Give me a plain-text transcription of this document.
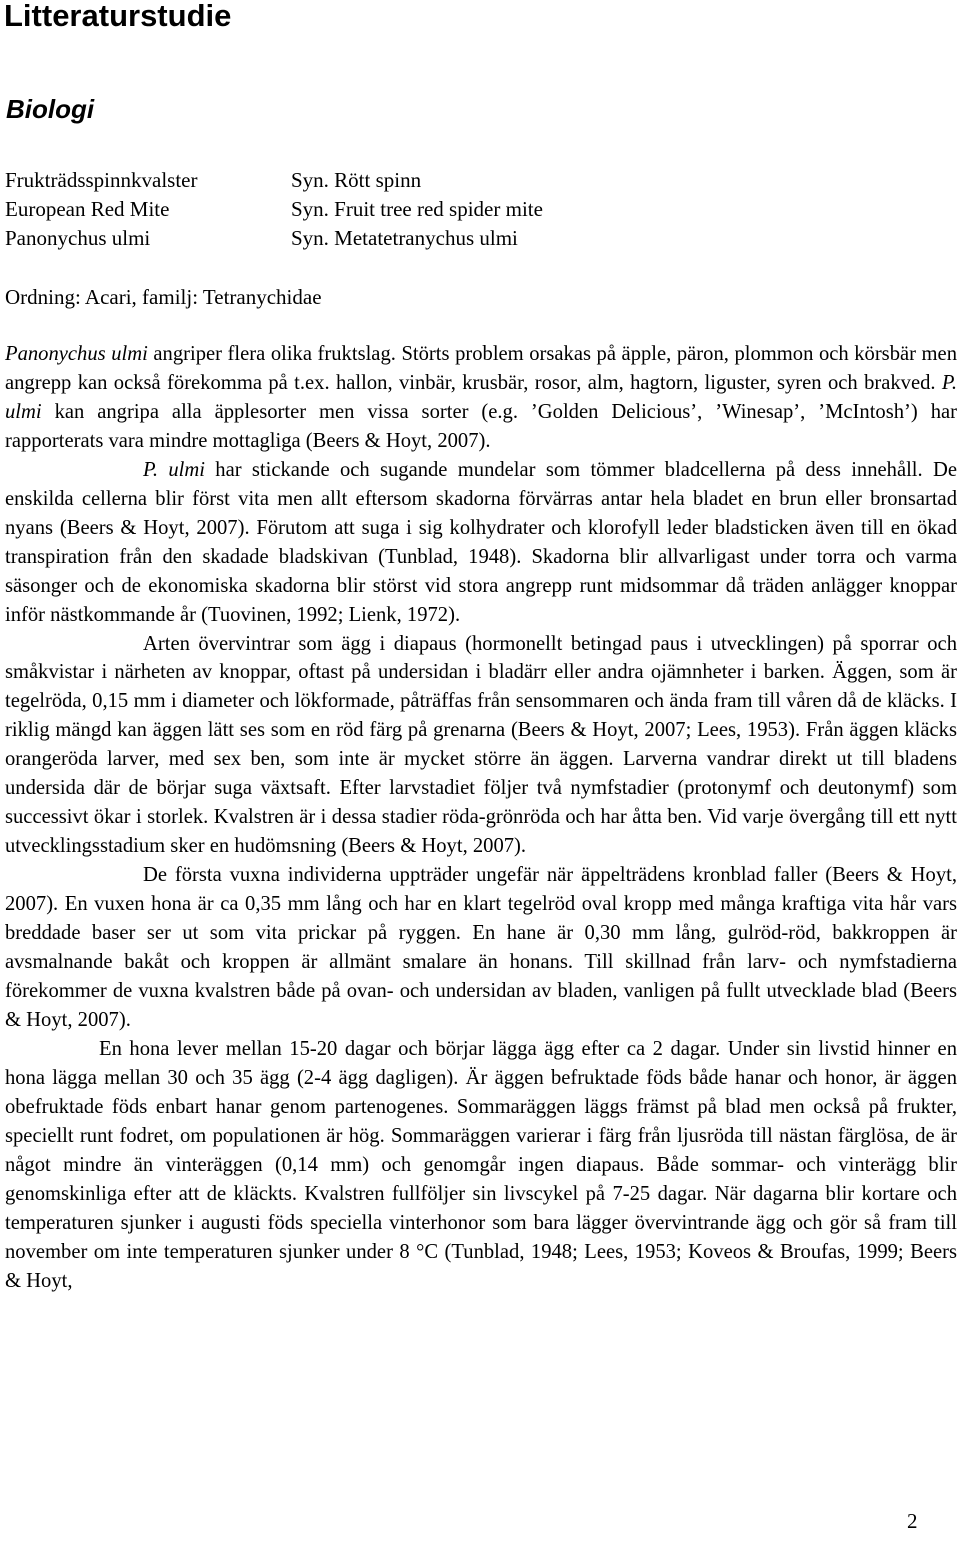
Litteraturstudie
Biologi
Frukträdsspinnkvalster	Syn. Rött spinn
European Red Mite	Syn. Fruit tree red spider mite
Panonychus ulmi	Syn. Metatetranychus ulmi
Ordning: Acari, familj: Tetranychidae

Panonychus ulmi angriper flera olika fruktslag. Störts problem orsakas på äpple, päron, plommon och körsbär men angrepp kan också förekomma på t.ex. hallon, vinbär, krusbär, rosor, alm, hagtorn, liguster, syren och brakved. P. ulmi kan angripa alla äpplesorter men vissa sorter (e.g. ’Golden Delicious’, ’Winesap’, ’McIntosh’) har rapporterats vara mindre mottagliga (Beers & Hoyt, 2007).

P. ulmi har stickande och sugande mundelar som tömmer bladcellerna på dess innehåll. De enskilda cellerna blir först vita men allt eftersom skadorna förvärras antar hela bladet en brun eller bronsartad nyans (Beers & Hoyt, 2007). Förutom att suga i sig kolhydrater och klorofyll leder bladsticken även till en ökad transpiration från den skadade bladskivan (Tunblad, 1948). Skadorna blir allvarligast under torra och varma säsonger och de ekonomiska skadorna blir störst vid stora angrepp runt midsommar då träden anlägger knoppar inför nästkommande år (Tuovinen, 1992; Lienk, 1972).

Arten övervintrar som ägg i diapaus (hormonellt betingad paus i utvecklingen) på sporrar och småkvistar i närheten av knoppar, oftast på undersidan i bladärr eller andra ojämnheter i barken. Äggen, som är tegelröda, 0,15 mm i diameter och lökformade, påträffas från sensommaren och ända fram till våren då de kläcks. I riklig mängd kan äggen lätt ses som en röd färg på grenarna (Beers & Hoyt, 2007; Lees, 1953). Från äggen kläcks orangeröda larver, med sex ben, som inte är mycket större än äggen. Larverna vandrar direkt ut till bladens undersida där de börjar suga växtsaft. Efter larvstadiet följer två nymfstadier (protonymf och deutonymf) som successivt ökar i storlek. Kvalstren är i dessa stadier röda-grönröda och har åtta ben. Vid varje övergång till ett nytt utvecklingsstadium sker en hudömsning (Beers & Hoyt, 2007).

De första vuxna individerna uppträder ungefär när äppelträdens kronblad faller (Beers & Hoyt, 2007). En vuxen hona är ca 0,35 mm lång och har en klart tegelröd oval kropp med många kraftiga vita hår vars breddade baser ser ut som vita prickar på ryggen. En hane är 0,30 mm lång, gulröd-röd, bakkroppen är avsmalnande bakåt och kroppen är allmänt smalare än honans. Till skillnad från larv- och nymfstadierna förekommer de vuxna kvalstren både på ovan- och undersidan av bladen, vanligen på fullt utvecklade blad (Beers & Hoyt, 2007).

En hona lever mellan 15-20 dagar och börjar lägga ägg efter ca 2 dagar. Under sin livstid hinner en hona lägga mellan 30 och 35 ägg (2-4 ägg dagligen). Är äggen befruktade föds både hanar och honor, är äggen obefruktade föds enbart hanar genom partenogenes. Sommaräggen läggs främst på blad men också på frukter, speciellt runt fodret, om populationen är hög. Sommaräggen varierar i färg från ljusröda till nästan färglösa, de är något mindre än vinteräggen (0,14 mm) och genomgår ingen diapaus. Både sommar- och vinterägg blir genomskinliga efter att de kläckts. Kvalstren fullföljer sin livscykel på 7-25 dagar. När dagarna blir kortare och temperaturen sjunker i augusti föds speciella vinterhonor som bara lägger övervintrande ägg och gör så fram till november om inte temperaturen sjunker under 8 °C (Tunblad, 1948; Lees, 1953; Koveos & Broufas, 1999; Beers & Hoyt,

2
